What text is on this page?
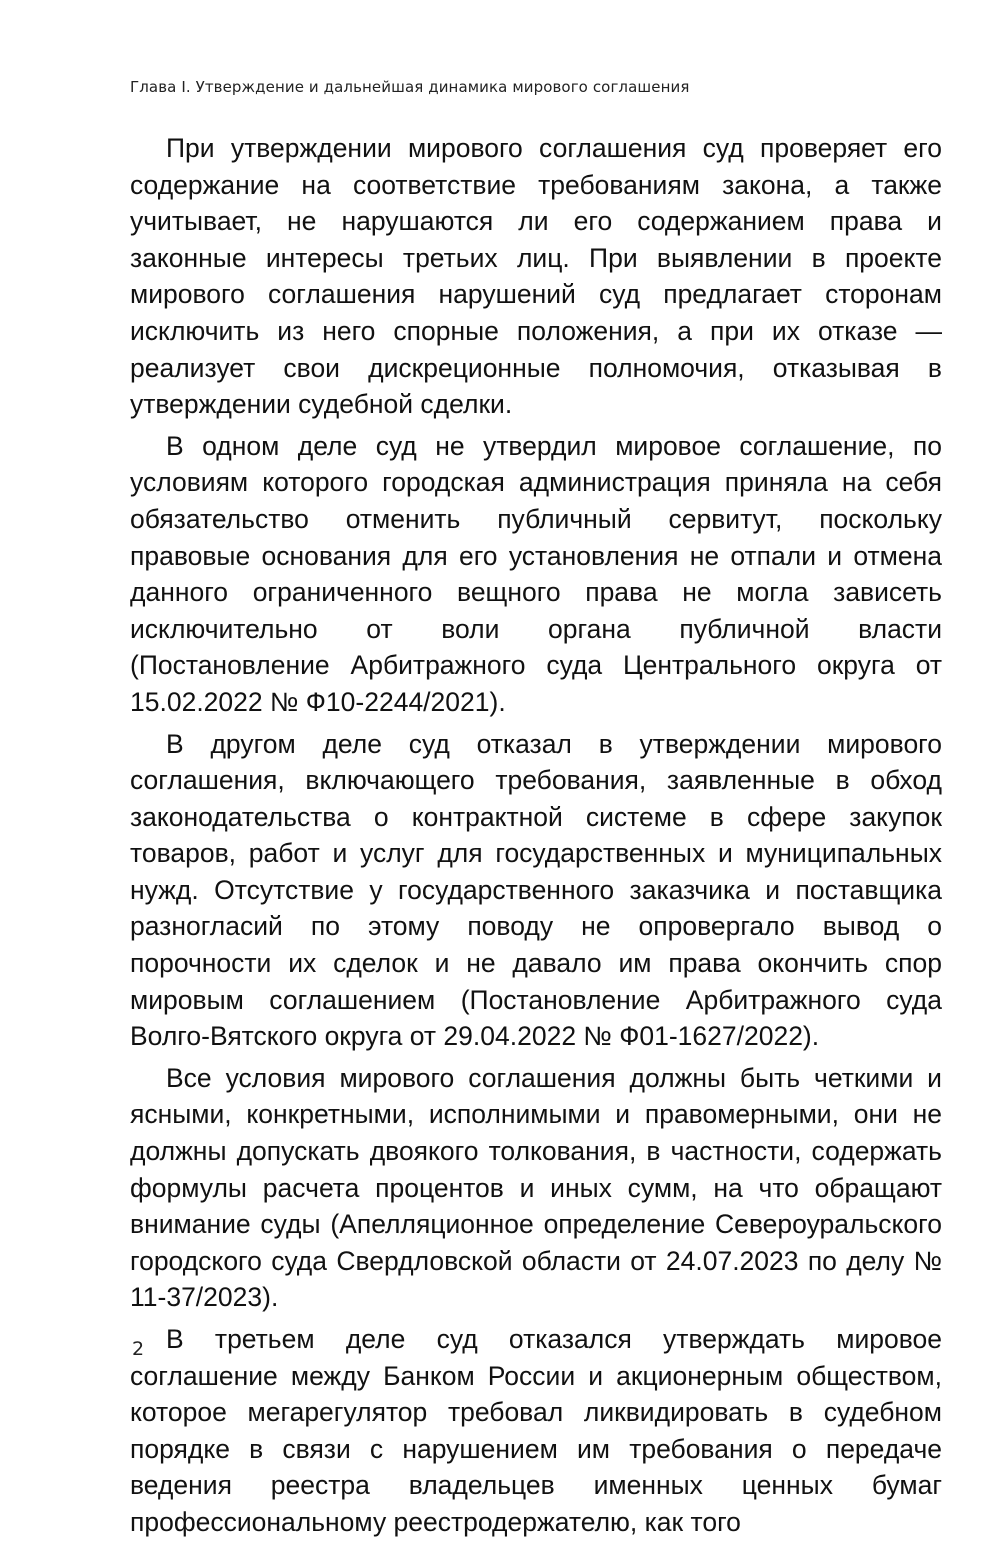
Глава I. Утверждение и дальнейшая динамика мирового соглашения

При утверждении мирового соглашения суд проверяет его содержание на соответствие требованиям закона, а также учитывает, не нарушаются ли его содержанием права и законные интересы третьих лиц. При выявлении в проекте мирового соглашения нарушений суд предлагает сторонам исключить из него спорные положения, а при их отказе — реализует свои дискреционные полномочия, отказывая в утверждении судебной сделки.

В одном деле суд не утвердил мировое соглашение, по условиям которого городская администрация приняла на себя обязательство отменить публичный сервитут, поскольку правовые основания для его установления не отпали и отмена данного ограниченного вещного права не могла зависеть исключительно от воли органа публичной власти (Постановление Арбитражного суда Центрального округа от 15.02.2022 № Ф10-2244/2021).

В другом деле суд отказал в утверждении мирового соглашения, включающего требования, заявленные в обход законодательства о контрактной системе в сфере закупок товаров, работ и услуг для государственных и муниципальных нужд. Отсутствие у государственного заказчика и поставщика разногласий по этому поводу не опровергало вывод о порочности их сделок и не давало им права окончить спор мировым соглашением (Постановление Арбитражного суда Волго-Вятского округа от 29.04.2022 № Ф01-1627/2022).

Все условия мирового соглашения должны быть четкими и ясными, конкретными, исполнимыми и правомерными, они не должны допускать двоякого толкования, в частности, содержать формулы расчета процентов и иных сумм, на что обращают внимание суды (Апелляционное определение Североуральского городского суда Свердловской области от 24.07.2023 по делу № 11-37/2023).

В третьем деле суд отказался утверждать мировое соглашение между Банком России и акционерным обществом, которое мегарегулятор требовал ликвидировать в судебном порядке в связи с нарушением им требования о передаче ведения реестра владельцев именных ценных бумаг профессиональному реестродержателю, как того

2
